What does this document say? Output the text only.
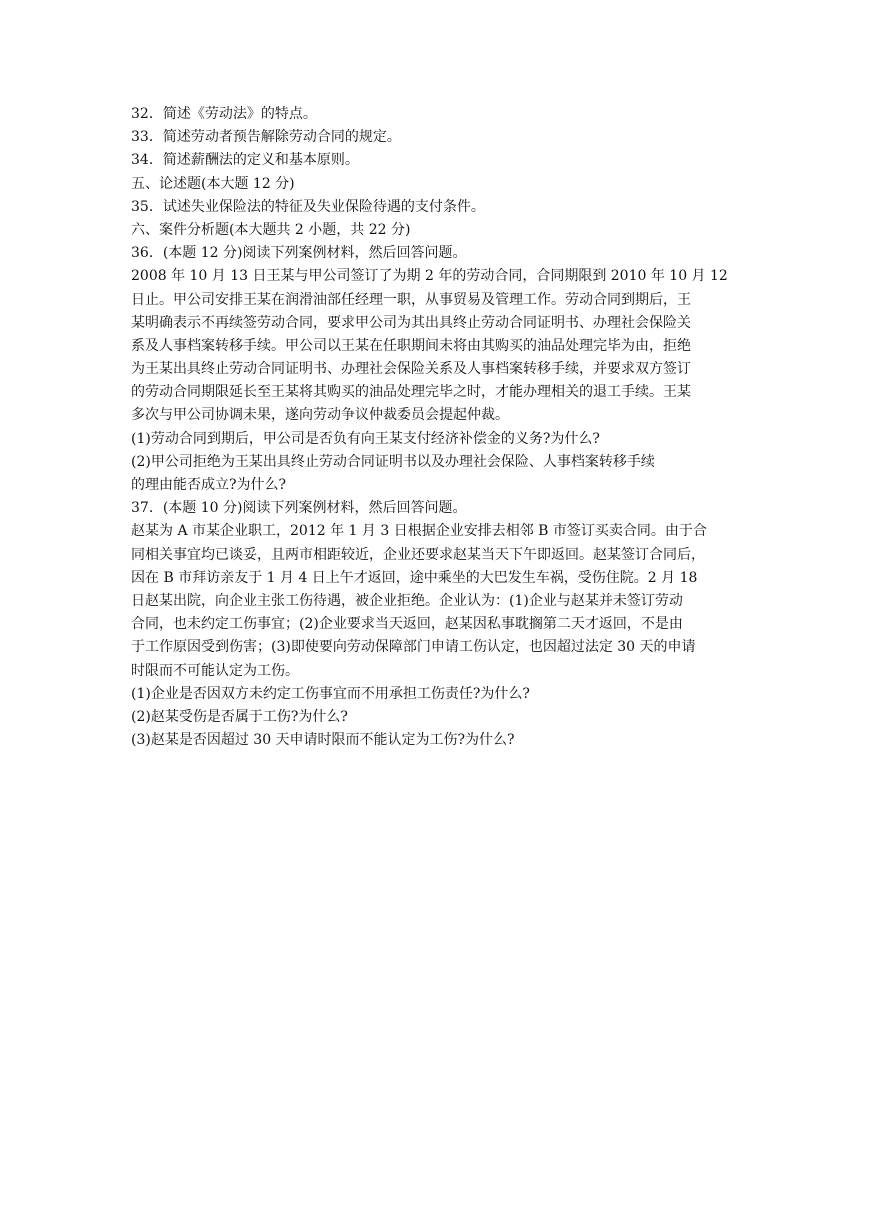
32．简述《劳动法》的特点。
33．简述劳动者预告解除劳动合同的规定。
34．简述薪酬法的定义和基本原则。
五、论述题(本大题 12 分)
35．试述失业保险法的特征及失业保险待遇的支付条件。
六、案件分析题(本大题共 2 小题，共 22 分)
36．(本题 12 分)阅读下列案例材料，然后回答问题。
2008 年 10 月 13 日王某与甲公司签订了为期 2 年的劳动合同，合同期限到 2010 年 10 月 12
日止。甲公司安排王某在润滑油部任经理一职，从事贸易及管理工作。劳动合同到期后，王
某明确表示不再续签劳动合同，要求甲公司为其出具终止劳动合同证明书、办理社会保险关
系及人事档案转移手续。甲公司以王某在任职期间未将由其购买的油品处理完毕为由，拒绝
为王某出具终止劳动合同证明书、办理社会保险关系及人事档案转移手续，并要求双方签订
的劳动合同期限延长至王某将其购买的油品处理完毕之时，才能办理相关的退工手续。王某
多次与甲公司协调未果，遂向劳动争议仲裁委员会提起仲裁。
(1)劳动合同到期后，甲公司是否负有向王某支付经济补偿金的义务?为什么?
(2)甲公司拒绝为王某出具终止劳动合同证明书以及办理社会保险、人事档案转移手续
的理由能否成立?为什么?
37．(本题 10 分)阅读下列案例材料，然后回答问题。
赵某为 A 市某企业职工，2012 年 1 月 3 日根据企业安排去相邻 B 市签订买卖合同。由于合
同相关事宜均已谈妥，且两市相距较近，企业还要求赵某当天下午即返回。赵某签订合同后，
因在 B 市拜访亲友于 1 月 4 日上午才返回，途中乘坐的大巴发生车祸，受伤住院。2 月 18
日赵某出院，向企业主张工伤待遇，被企业拒绝。企业认为：(1)企业与赵某并未签订劳动
合同，也未约定工伤事宜；(2)企业要求当天返回，赵某因私事耽搁第二天才返回，不是由
于工作原因受到伤害；(3)即使要向劳动保障部门申请工伤认定，也因超过法定 30 天的申请
时限而不可能认定为工伤。
(1)企业是否因双方未约定工伤事宜而不用承担工伤责任?为什么?
(2)赵某受伤是否属于工伤?为什么?
(3)赵某是否因超过 30 天申请时限而不能认定为工伤?为什么?
